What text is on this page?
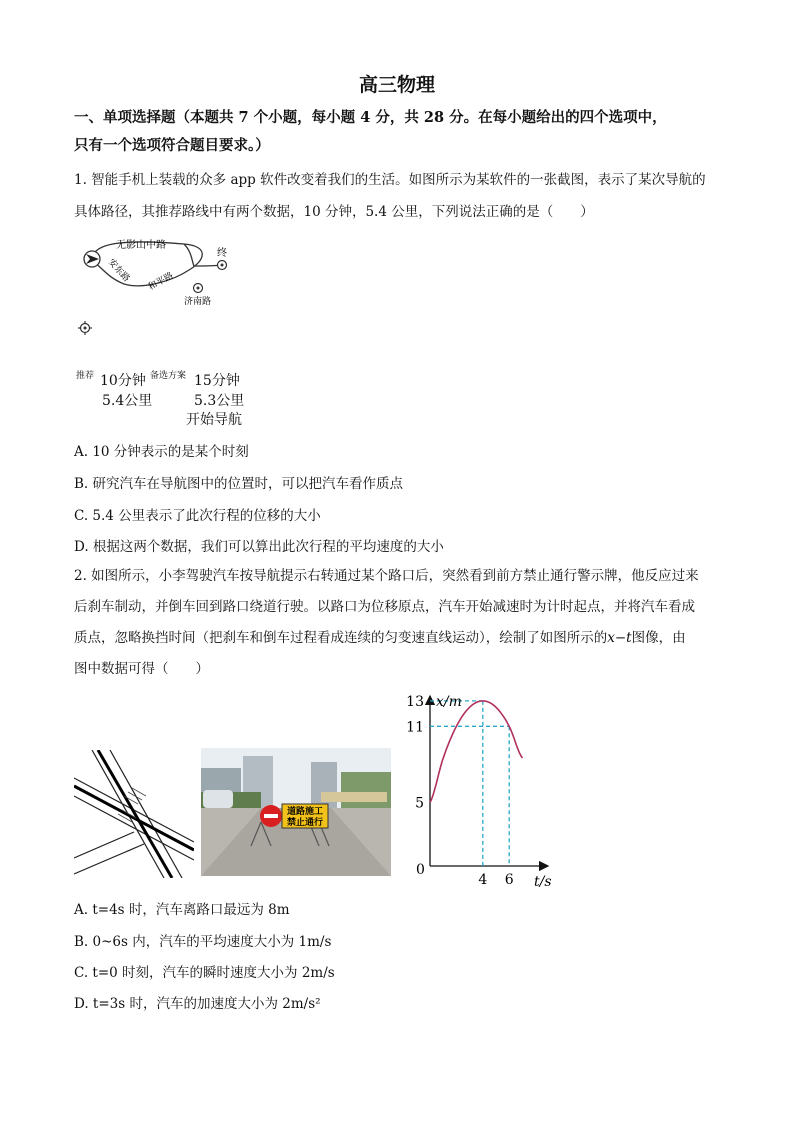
高三物理
一、单项选择题（本题共 7 个小题，每小题 4 分，共 28 分。在每小题给出的四个选项中，
只有一个选项符合题目要求。）
1. 智能手机上装载的众多 app 软件改变着我们的生活。如图所示为某软件的一张截图，表示了某次导航的
具体路径，其推荐路线中有两个数据，10 分钟，5.4 公里，下列说法正确的是（　　）
无影山中路
安东路 和平路
济南路
终
推荐 10分钟 备选方案 15分钟
5.4公里	5.3公里
开始导航
A. 10 分钟表示的是某个时刻
B. 研究汽车在导航图中的位置时，可以把汽车看作质点
C. 5.4 公里表示了此次行程的位移的大小
D. 根据这两个数据，我们可以算出此次行程的平均速度的大小
2. 如图所示，小李驾驶汽车按导航提示右转通过某个路口后，突然看到前方禁止通行警示牌，他反应过来
后刹车制动，并倒车回到路口绕道行驶。以路口为位移原点，汽车开始减速时为计时起点，并将汽车看成
质点，忽略换挡时间（把刹车和倒车过程看成连续的匀变速直线运动），绘制了如图所示的x−t图像，由
图中数据可得（　　）
道路施工
禁止通行
5
11
13
4 6
x/m
t/s
0
A. t=4s 时，汽车离路口最远为 8m
B. 0~6s 内，汽车的平均速度大小为 1m/s
C. t=0 时刻，汽车的瞬时速度大小为 2m/s
D. t=3s 时，汽车的加速度大小为 2m/s²
